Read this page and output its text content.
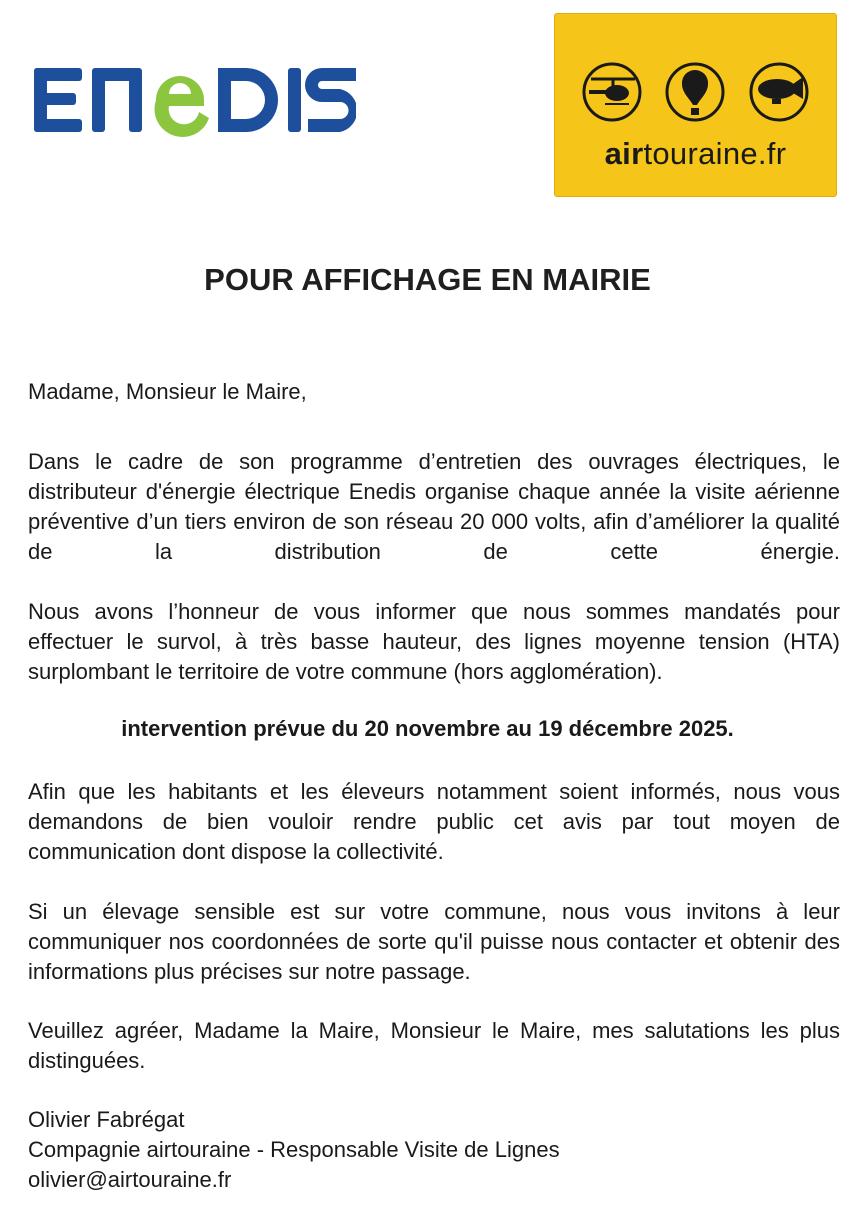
airtouraine.fr
POUR AFFICHAGE EN MAIRIE

Madame, Monsieur le Maire,

Dans le cadre de son programme d’entretien des ouvrages électriques, le distributeur d'énergie électrique Enedis organise chaque année la visite aérienne préventive d’un tiers environ de son réseau 20 000 volts, afin d’améliorer la qualité de la distribution de cette énergie.

Nous avons l’honneur de vous informer que nous sommes mandatés pour effectuer le survol, à très basse hauteur, des lignes moyenne tension (HTA) surplombant le territoire de votre commune (hors agglomération).

intervention prévue du 20 novembre au 19 décembre 2025.

Afin que les habitants et les éleveurs notamment soient informés, nous vous demandons de bien vouloir rendre public cet avis par tout moyen de communication dont dispose la collectivité.

Si un élevage sensible est sur votre commune, nous vous invitons à leur communiquer nos coordonnées de sorte qu'il puisse nous contacter et obtenir des informations plus précises sur notre passage.

Veuillez agréer, Madame la Maire, Monsieur le Maire, mes salutations les plus distinguées.

Olivier Fabrégat
Compagnie airtouraine - Responsable Visite de Lignes
olivier@airtouraine.fr
